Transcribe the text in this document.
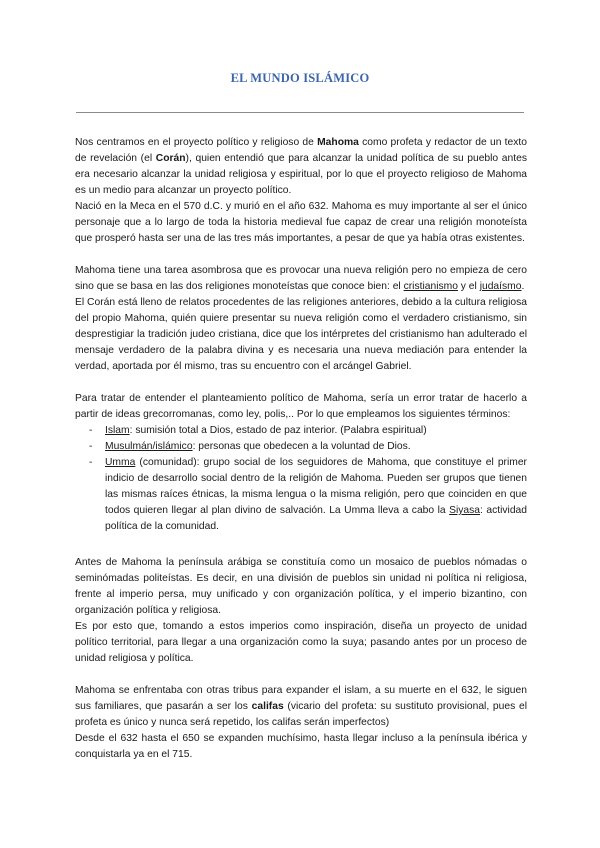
EL MUNDO ISLÁMICO

Nos centramos en el proyecto político y religioso de Mahoma como profeta y redactor de un texto de revelación (el Corán), quien entendió que para alcanzar la unidad política de su pueblo antes era necesario alcanzar la unidad religiosa y espiritual, por lo que el proyecto religioso de Mahoma es un medio para alcanzar un proyecto político.

Nació en la Meca en el 570 d.C. y murió en el año 632. Mahoma es muy importante al ser el único personaje que a lo largo de toda la historia medieval fue capaz de crear una religión monoteísta que prosperó hasta ser una de las tres más importantes, a pesar de que ya había otras existentes.

Mahoma tiene una tarea asombrosa que es provocar una nueva religión pero no empieza de cero sino que se basa en las dos religiones monoteístas que conoce bien: el cristianismo y el judaísmo.

El Corán está lleno de relatos procedentes de las religiones anteriores, debido a la cultura religiosa del propio Mahoma, quién quiere presentar su nueva religión como el verdadero cristianismo, sin desprestigiar la tradición judeo cristiana, dice que los intérpretes del cristianismo han adulterado el mensaje verdadero de la palabra divina y es necesaria una nueva mediación para entender la verdad, aportada por él mismo, tras su encuentro con el arcángel Gabriel.

Para tratar de entender el planteamiento político de Mahoma, sería un error tratar de hacerlo a partir de ideas grecorromanas, como ley, polis,.. Por lo que empleamos los siguientes términos:

- Islam: sumisión total a Dios, estado de paz interior. (Palabra espiritual)
- Musulmán/islámico: personas que obedecen a la voluntad de Dios.
- Umma (comunidad): grupo social de los seguidores de Mahoma, que constituye el primer indicio de desarrollo social dentro de la religión de Mahoma. Pueden ser grupos que tienen las mismas raíces étnicas, la misma lengua o la misma religión, pero que coinciden en que todos quieren llegar al plan divino de salvación. La Umma lleva a cabo la Siyasa: actividad política de la comunidad.

Antes de Mahoma la península arábiga se constituía como un mosaico de pueblos nómadas o seminómadas politeístas. Es decir, en una división de pueblos sin unidad ni política ni religiosa, frente al imperio persa, muy unificado y con organización política, y el imperio bizantino, con organización política y religiosa.

Es por esto que, tomando a estos imperios como inspiración, diseña un proyecto de unidad político territorial, para llegar a una organización como la suya; pasando antes por un proceso de unidad religiosa y política.

Mahoma se enfrentaba con otras tribus para expander el islam, a su muerte en el 632, le siguen sus familiares, que pasarán a ser los califas (vicario del profeta: su sustituto provisional, pues el profeta es único y nunca será repetido, los califas serán imperfectos)

Desde el 632 hasta el 650 se expanden muchísimo, hasta llegar incluso a la península ibérica y conquistarla ya en el 715.
